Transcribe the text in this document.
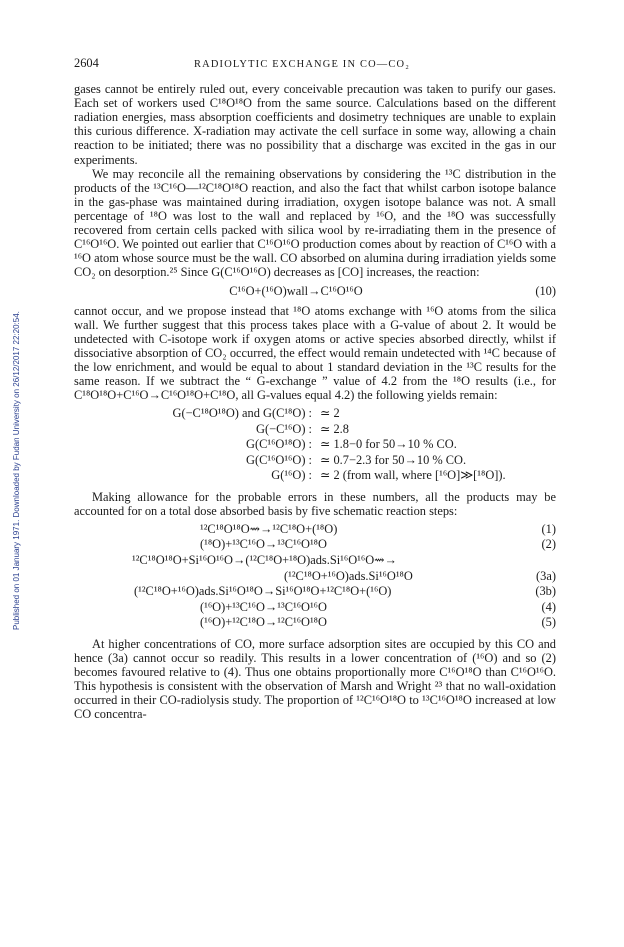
Published on 01 January 1971. Downloaded by Fudan University on 26/12/2017 22:20:54.
2604	RADIOLYTIC EXCHANGE IN CO—CO₂

gases cannot be entirely ruled out, every conceivable precaution was taken to purify our gases. Each set of workers used C¹⁸O¹⁸O from the same source. Calculations based on the different radiation energies, mass absorption coefficients and dosimetry techniques are unable to explain this curious difference. X-radiation may activate the cell surface in some way, allowing a chain reaction to be initiated; there was no possibility that a discharge was excited in the gas in our experiments.

We may reconcile all the remaining observations by considering the ¹³C distribution in the products of the ¹³C¹⁶O—¹²C¹⁸O¹⁸O reaction, and also the fact that whilst carbon isotope balance in the gas-phase was maintained during irradiation, oxygen isotope balance was not. A small percentage of ¹⁸O was lost to the wall and replaced by ¹⁶O, and the ¹⁸O was successfully recovered from certain cells packed with silica wool by re-irradiating them in the presence of C¹⁶O¹⁶O. We pointed out earlier that C¹⁶O¹⁶O production comes about by reaction of C¹⁶O with a ¹⁶O atom whose source must be the wall. CO absorbed on alumina during irradiation yields some CO₂ on desorption.²⁵ Since G(C¹⁶O¹⁶O) decreases as [CO] increases, the reaction:

C¹⁶O+(¹⁶O)wall→C¹⁶O¹⁶O	(10)

cannot occur, and we propose instead that ¹⁸O atoms exchange with ¹⁶O atoms from the silica wall. We further suggest that this process takes place with a G-value of about 2. It would be undetected with C-isotope work if oxygen atoms or active species absorbed directly, whilst if dissociative absorption of CO₂ occurred, the effect would remain undetected with ¹⁴C because of the low enrichment, and would be equal to about 1 standard deviation in the ¹³C results for the same reason. If we subtract the “ G-exchange ” value of 4.2 from the ¹⁸O results (i.e., for C¹⁸O¹⁸O+C¹⁶O→C¹⁶O¹⁸O+C¹⁸O, all G-values equal 4.2) the following yields remain:

G(−C¹⁸O¹⁸O) and G(C¹⁸O) : ≃ 2
G(−C¹⁶O) : ≃ 2.8
G(C¹⁶O¹⁸O) : ≃ 1.8−0 for 50→10 % CO.
G(C¹⁶O¹⁶O) : ≃ 0.7−2.3 for 50→10 % CO.
G(¹⁶O) : ≃ 2 (from wall, where [¹⁶O]≫[¹⁸O]).

Making allowance for the probable errors in these numbers, all the products may be accounted for on a total dose absorbed basis by five schematic reaction steps:

¹²C¹⁸O¹⁸O⇝→¹²C¹⁸O+(¹⁸O)	(1)
(¹⁸O)+¹³C¹⁶O→¹³C¹⁶O¹⁸O	(2)
¹²C¹⁸O¹⁸O+Si¹⁶O¹⁶O→(¹²C¹⁸O+¹⁸O)ads.Si¹⁶O¹⁶O⇝→
(¹²C¹⁸O+¹⁶O)ads.Si¹⁶O¹⁸O	(3a)
(¹²C¹⁸O+¹⁶O)ads.Si¹⁶O¹⁸O→Si¹⁶O¹⁸O+¹²C¹⁸O+(¹⁶O)	(3b)
(¹⁶O)+¹³C¹⁶O→¹³C¹⁶O¹⁶O	(4)
(¹⁶O)+¹²C¹⁸O→¹²C¹⁶O¹⁸O	(5)

At higher concentrations of CO, more surface adsorption sites are occupied by this CO and hence (3a) cannot occur so readily. This results in a lower concentration of (¹⁶O) and so (2) becomes favoured relative to (4). Thus one obtains proportionally more C¹⁶O¹⁸O than C¹⁶O¹⁶O. This hypothesis is consistent with the observation of Marsh and Wright ²³ that no wall-oxidation occurred in their CO-radiolysis study. The proportion of ¹²C¹⁶O¹⁸O to ¹³C¹⁶O¹⁸O increased at low CO concentra-
